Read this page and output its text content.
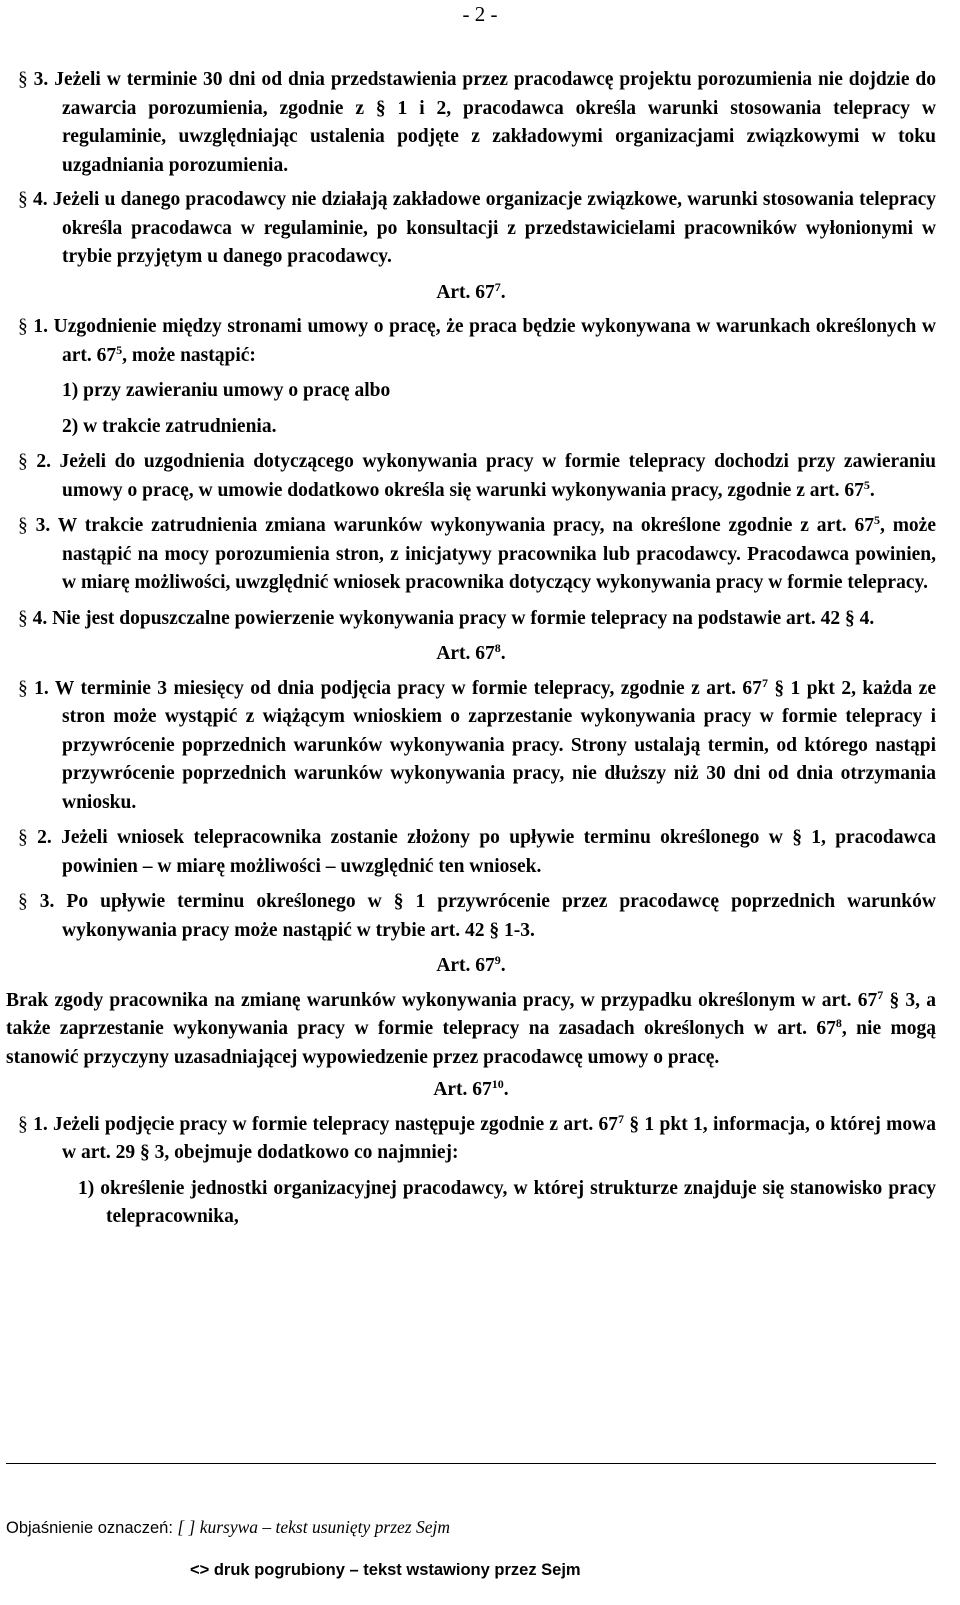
- 2 -

§ 3. Jeżeli w terminie 30 dni od dnia przedstawienia przez pracodawcę projektu porozumienia nie dojdzie do zawarcia porozumienia, zgodnie z § 1 i 2, pracodawca określa warunki stosowania telepracy w regulaminie, uwzględniając ustalenia podjęte z zakładowymi organizacjami związkowymi w toku uzgadniania porozumienia.

§ 4. Jeżeli u danego pracodawcy nie działają zakładowe organizacje związkowe, warunki stosowania telepracy określa pracodawca w regulaminie, po konsultacji z przedstawicielami pracowników wyłonionymi w trybie przyjętym u danego pracodawcy.

Art. $67^7$.

§ 1. Uzgodnienie między stronami umowy o pracę, że praca będzie wykonywana w warunkach określonych w art. $67^5$, może nastąpić:

1) przy zawieraniu umowy o pracę albo

2) w trakcie zatrudnienia.

§ 2. Jeżeli do uzgodnienia dotyczącego wykonywania pracy w formie telepracy dochodzi przy zawieraniu umowy o pracę, w umowie dodatkowo określa się warunki wykonywania pracy, zgodnie z art. $67^5$.

§ 3. W trakcie zatrudnienia zmiana warunków wykonywania pracy, na określone zgodnie z art. $67^5$, może nastąpić na mocy porozumienia stron, z inicjatywy pracownika lub pracodawcy. Pracodawca powinien, w miarę możliwości, uwzględnić wniosek pracownika dotyczący wykonywania pracy w formie telepracy.

§ 4. Nie jest dopuszczalne powierzenie wykonywania pracy w formie telepracy na podstawie art. 42 § 4.

Art. $67^8$.

§ 1. W terminie 3 miesięcy od dnia podjęcia pracy w formie telepracy, zgodnie z art. $67^7$ § 1 pkt 2, każda ze stron może wystąpić z wiążącym wnioskiem o zaprzestanie wykonywania pracy w formie telepracy i przywrócenie poprzednich warunków wykonywania pracy. Strony ustalają termin, od którego nastąpi przywrócenie poprzednich warunków wykonywania pracy, nie dłuższy niż 30 dni od dnia otrzymania wniosku.

§ 2. Jeżeli wniosek telepracownika zostanie złożony po upływie terminu określonego w § 1, pracodawca powinien – w miarę możliwości – uwzględnić ten wniosek.

§ 3. Po upływie terminu określonego w § 1 przywrócenie przez pracodawcę poprzednich warunków wykonywania pracy może nastąpić w trybie art. 42 § 1-3.

Art. $67^9$.

Brak zgody pracownika na zmianę warunków wykonywania pracy, w przypadku określonym w art. $67^7$ § 3, a także zaprzestanie wykonywania pracy w formie telepracy na zasadach określonych w art. $67^8$, nie mogą stanowić przyczyny uzasadniającej wypowiedzenie przez pracodawcę umowy o pracę.

Art. $67^{10}$.

§ 1. Jeżeli podjęcie pracy w formie telepracy następuje zgodnie z art. $67^7$ § 1 pkt 1, informacja, o której mowa w art. 29 § 3, obejmuje dodatkowo co najmniej:

1) określenie jednostki organizacyjnej pracodawcy, w której strukturze znajduje się stanowisko pracy telepracownika,

Objaśnienie oznaczeń: [ ] kursywa – tekst usunięty przez Sejm
<> druk pogrubiony – tekst wstawiony przez Sejm
